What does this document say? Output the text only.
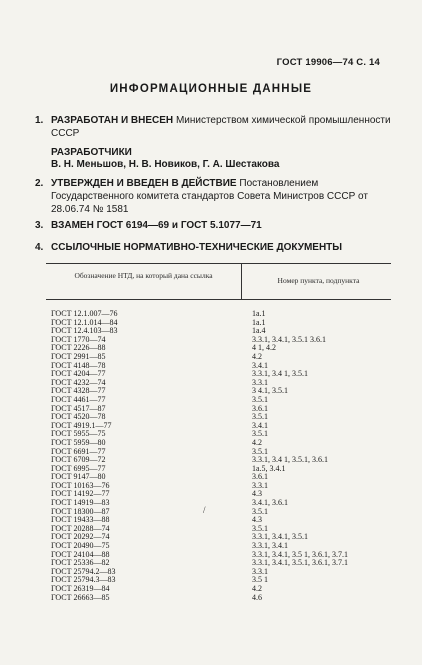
ГОСТ 19906—74 С. 14
ИНФОРМАЦИОННЫЕ ДАННЫЕ
1. РАЗРАБОТАН И ВНЕСЕН Министерством химической промышленности СССР
РАЗРАБОТЧИКИ
В. Н. Меньшов, Н. В. Новиков, Г. А. Шестакова
2. УТВЕРЖДЕН И ВВЕДЕН В ДЕЙСТВИЕ Постановлением Государственного комитета стандартов Совета Министров СССР от 28.06.74 № 1581
3. ВЗАМЕН ГОСТ 6194—69 и ГОСТ 5.1077—71
4. ССЫЛОЧНЫЕ НОРМАТИВНО-ТЕХНИЧЕСКИЕ ДОКУМЕНТЫ
Обозначение НТД, на который дана ссылка
Номер пункта, подпункта
ГОСТ 12.1.007—76	1а.1
ГОСТ 12.1.014—84	1а.1
ГОСТ 12.4.103—83	1а.4
ГОСТ 1770—74	3.3.1, 3.4.1, 3.5.1 3.6.1
ГОСТ 2226—88	4 1, 4.2
ГОСТ 2991—85	4.2
ГОСТ 4148—78	3.4.1
ГОСТ 4204—77	3.3.1, 3.4 1, 3.5.1
ГОСТ 4232—74	3.3.1
ГОСТ 4328—77	3 4.1, 3.5.1
ГОСТ 4461—77	3.5.1
ГОСТ 4517—87	3.6.1
ГОСТ 4520—78	3.5.1
ГОСТ 4919.1—77	3.4.1
ГОСТ 5955—75	3.5.1
ГОСТ 5959—80	4.2
ГОСТ 6691—77	3.5.1
ГОСТ 6709—72	3.3.1, 3.4 1, 3.5.1, 3.6.1
ГОСТ 6995—77	1а.5, 3.4.1
ГОСТ 9147—80	3.6.1
ГОСТ 10163—76	3.3.1
ГОСТ 14192—77	4.3
ГОСТ 14919—83	3.4.1, 3.6.1
ГОСТ 18300—87	3.5.1
ГОСТ 19433—88	4.3
ГОСТ 20288—74	3.5.1
ГОСТ 20292—74	3.3.1, 3.4.1, 3.5.1
ГОСТ 20490—75	3.3.1, 3.4.1
ГОСТ 24104—88	3.3.1, 3.4.1, 3.5 1, 3.6.1, 3.7.1
ГОСТ 25336—82	3.3.1, 3.4.1, 3.5.1, 3.6.1, 3.7.1
ГОСТ 25794.2—83	3.3.1
ГОСТ 25794.3—83	3.5 1
ГОСТ 26319—84	4.2
ГОСТ 26663—85	4.6
/
